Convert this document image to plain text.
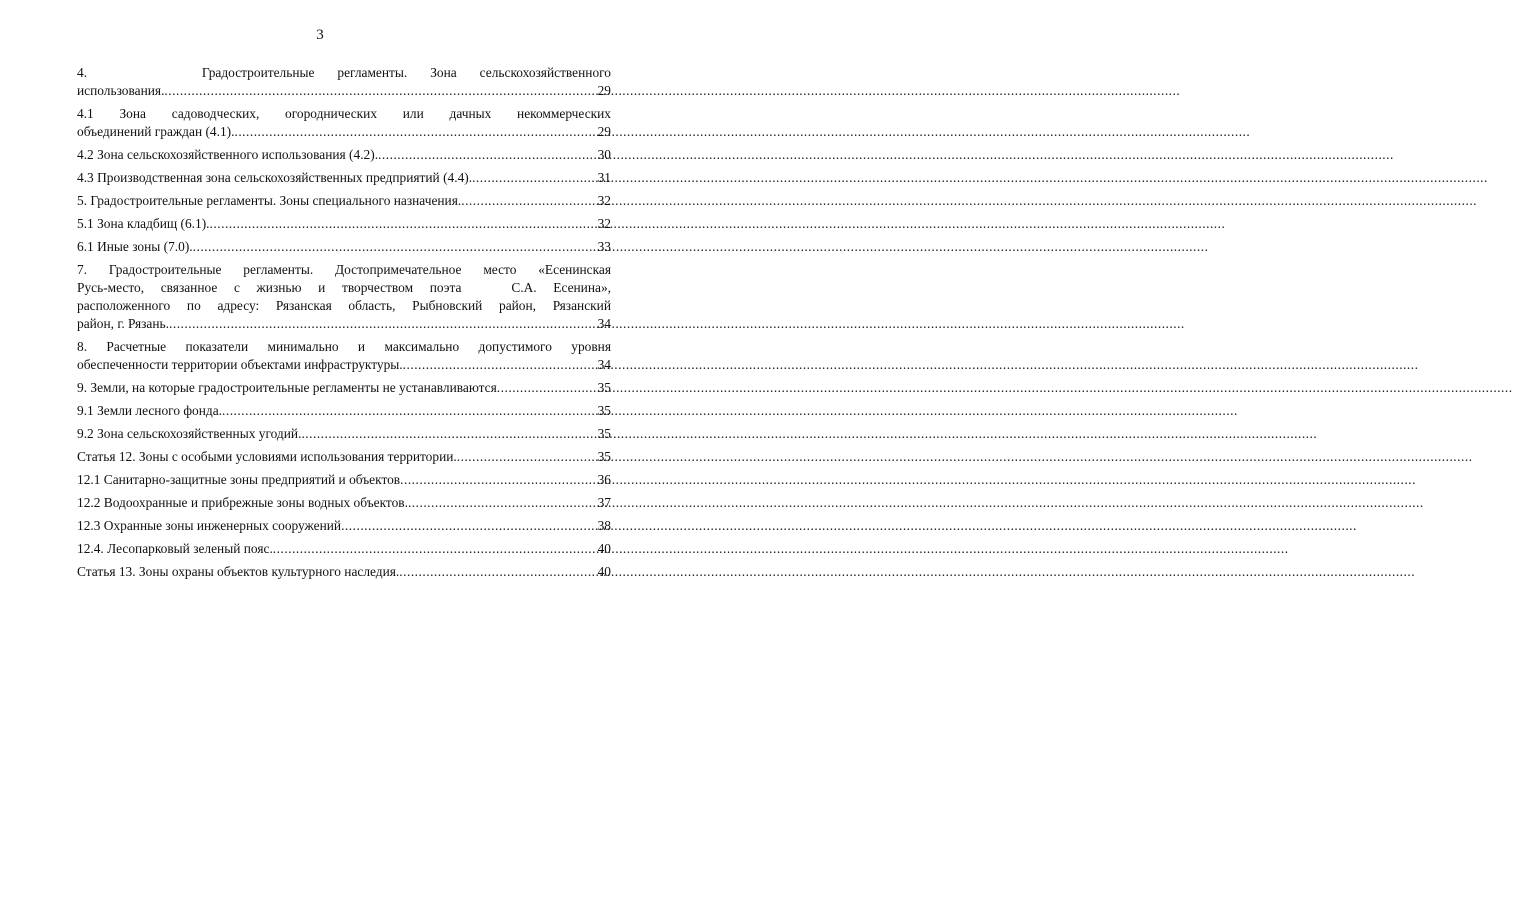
3
4.     Градостроительные регламенты. Зона сельскохозяйственного
использования. .....	29
4.1 Зона садоводческих, огороднических или дачных некоммерческих
объединений граждан (4.1). .....	29
4.2 Зона сельскохозяйственного использования (4.2). .....	30
4.3 Производственная зона сельскохозяйственных предприятий (4.4). .....	31
5. Градостроительные регламенты. Зоны специального назначения. .....	32
5.1 Зона кладбищ (6.1). .....	32
6.1 Иные зоны (7.0). .....	33
7. Градостроительные регламенты. Достопримечательное место «Есенинская
Русь-место, связанное с жизнью и творчеством поэта   С.А. Есенина»,
расположенного по адресу: Рязанская область, Рыбновский район, Рязанский
район, г. Рязань. .....	34
8. Расчетные показатели минимально и максимально допустимого уровня
обеспеченности территории объектами инфраструктуры. .....	34
9. Земли, на которые градостроительные регламенты не устанавливаются .....	35
9.1 Земли лесного фонда. .....	35
9.2 Зона сельскохозяйственных угодий. .....	35
Статья 12. Зоны с особыми условиями использования территории. .....	35
12.1 Санитарно-защитные зоны предприятий и объектов .....	36
12.2 Водоохранные и прибрежные зоны водных объектов. .....	37
12.3 Охранные зоны инженерных сооружений .....	38
12.4. Лесопарковый зеленый пояс. .....	40
Статья 13. Зоны охраны объектов культурного наследия. .....	40
